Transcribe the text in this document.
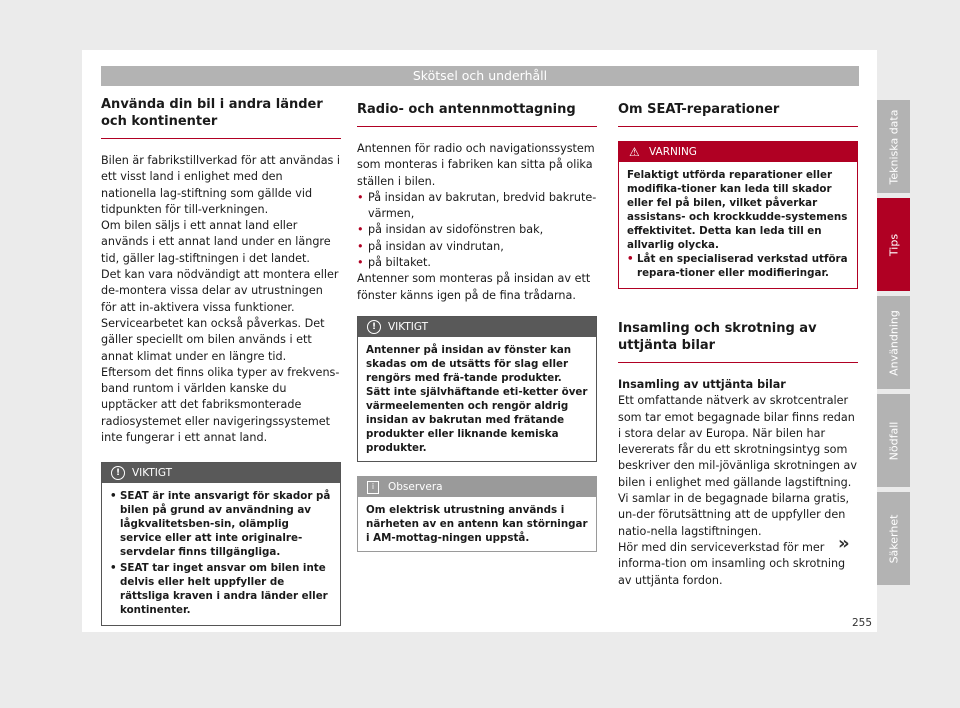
Skötsel och underhåll
Använda din bil i andra länder och kontinenter

Bilen är fabrikstillverkad för att användas i ett visst land i enlighet med den nationella lag-stiftning som gällde vid tidpunkten för till-verkningen.

Om bilen säljs i ett annat land eller används i ett annat land under en längre tid, gäller lag-stiftningen i det landet.

Det kan vara nödvändigt att montera eller de-montera vissa delar av utrustningen för att in-aktivera vissa funktioner. Servicearbetet kan också påverkas. Det gäller speciellt om bilen används i ett annat klimat under en längre tid.

Eftersom det finns olika typer av frekvens-band runtom i världen kanske du upptäcker att det fabriksmonterade radiosystemet eller navigeringssystemet inte fungerar i ett annat land.

!	VIKTIGT
• SEAT är inte ansvarigt för skador på bilen på grund av användning av lågkvalitetsben-sin, olämplig service eller att inte originalre-servdelar finns tillgängliga.
• SEAT tar inget ansvar om bilen inte delvis eller helt uppfyller de rättsliga kraven i andra länder eller kontinenter.
Radio- och antennmottagning

Antennen för radio och navigationssystem som monteras i fabriken kan sitta på olika ställen i bilen.

• På insidan av bakrutan, bredvid bakrute-värmen,
• på insidan av sidofönstren bak,
• på insidan av vindrutan,
• på biltaket.

Antenner som monteras på insidan av ett fönster känns igen på de fina trådarna.

!	VIKTIGT

Antenner på insidan av fönster kan skadas om de utsätts för slag eller rengörs med frä-tande produkter. Sätt inte självhäftande eti-ketter över värmeelementen och rengör aldrig insidan av bakrutan med frätande produkter eller liknande kemiska produkter.

i	Observera

Om elektrisk utrustning används i närheten av en antenn kan störningar i AM-mottag-ningen uppstå.

Om SEAT-reparationer
⚠ VARNING

Felaktigt utförda reparationer eller modifika-tioner kan leda till skador eller fel på bilen, vilket påverkar assistans- och krockkudde-systemens effektivitet. Detta kan leda till en allvarlig olycka.

• Låt en specialiserad verkstad utföra repara-tioner eller modifieringar.
Insamling och skrotning av uttjänta bilar

Insamling av uttjänta bilar

Ett omfattande nätverk av skrotcentraler som tar emot begagnade bilar finns redan i stora delar av Europa. När bilen har levererats får du ett skrotningsintyg som beskriver den mil-jövänliga skrotningen av bilen i enlighet med gällande lagstiftning.

Vi samlar in de begagnade bilarna gratis, un-der förutsättning att de uppfyller den natio-nella lagstiftningen.

Hör med din serviceverkstad för mer informa-tion om insamling och skrotning av uttjänta fordon.

»
Tekniska data
Tips
Användning
Nödfall
Säkerhet
255
